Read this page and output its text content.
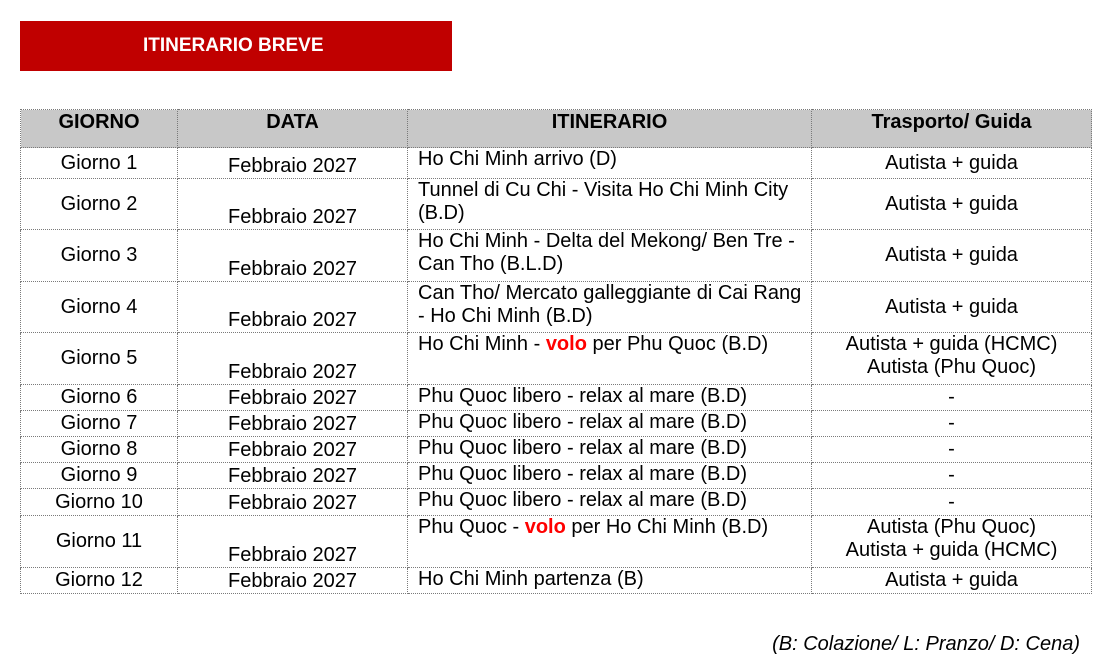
ITINERARIO BREVE
GIORNO	DATA	ITINERARIO	Trasporto/ Guida
Giorno 1	Febbraio 2027	Ho Chi Minh arrivo (D)	Autista + guida

Giorno 2	Febbraio 2027	Tunnel di Cu Chi - Visita Ho Chi Minh City (B.D)	Autista + guida

Giorno 3	Febbraio 2027	Ho Chi Minh - Delta del Mekong/ Ben Tre - Can Tho (B.L.D)	Autista + guida

Giorno 4	Febbraio 2027	Can Tho/ Mercato galleggiante di Cai Rang - Ho Chi Minh (B.D)	Autista + guida

Giorno 5	Febbraio 2027	Ho Chi Minh - volo per Phu Quoc (B.D)	Autista + guida (HCMC)
Autista (Phu Quoc)

Giorno 6	Febbraio 2027	Phu Quoc libero - relax al mare (B.D)	-

Giorno 7	Febbraio 2027	Phu Quoc libero - relax al mare (B.D)	-

Giorno 8	Febbraio 2027	Phu Quoc libero - relax al mare (B.D)	-

Giorno 9	Febbraio 2027	Phu Quoc libero - relax al mare (B.D)	-

Giorno 10	Febbraio 2027	Phu Quoc libero - relax al mare (B.D)	-

Giorno 11	Febbraio 2027	Phu Quoc - volo per Ho Chi Minh (B.D)	Autista (Phu Quoc)
Autista + guida (HCMC)

Giorno 12	Febbraio 2027	Ho Chi Minh partenza (B)	Autista + guida
(B: Colazione/ L: Pranzo/ D: Cena)
